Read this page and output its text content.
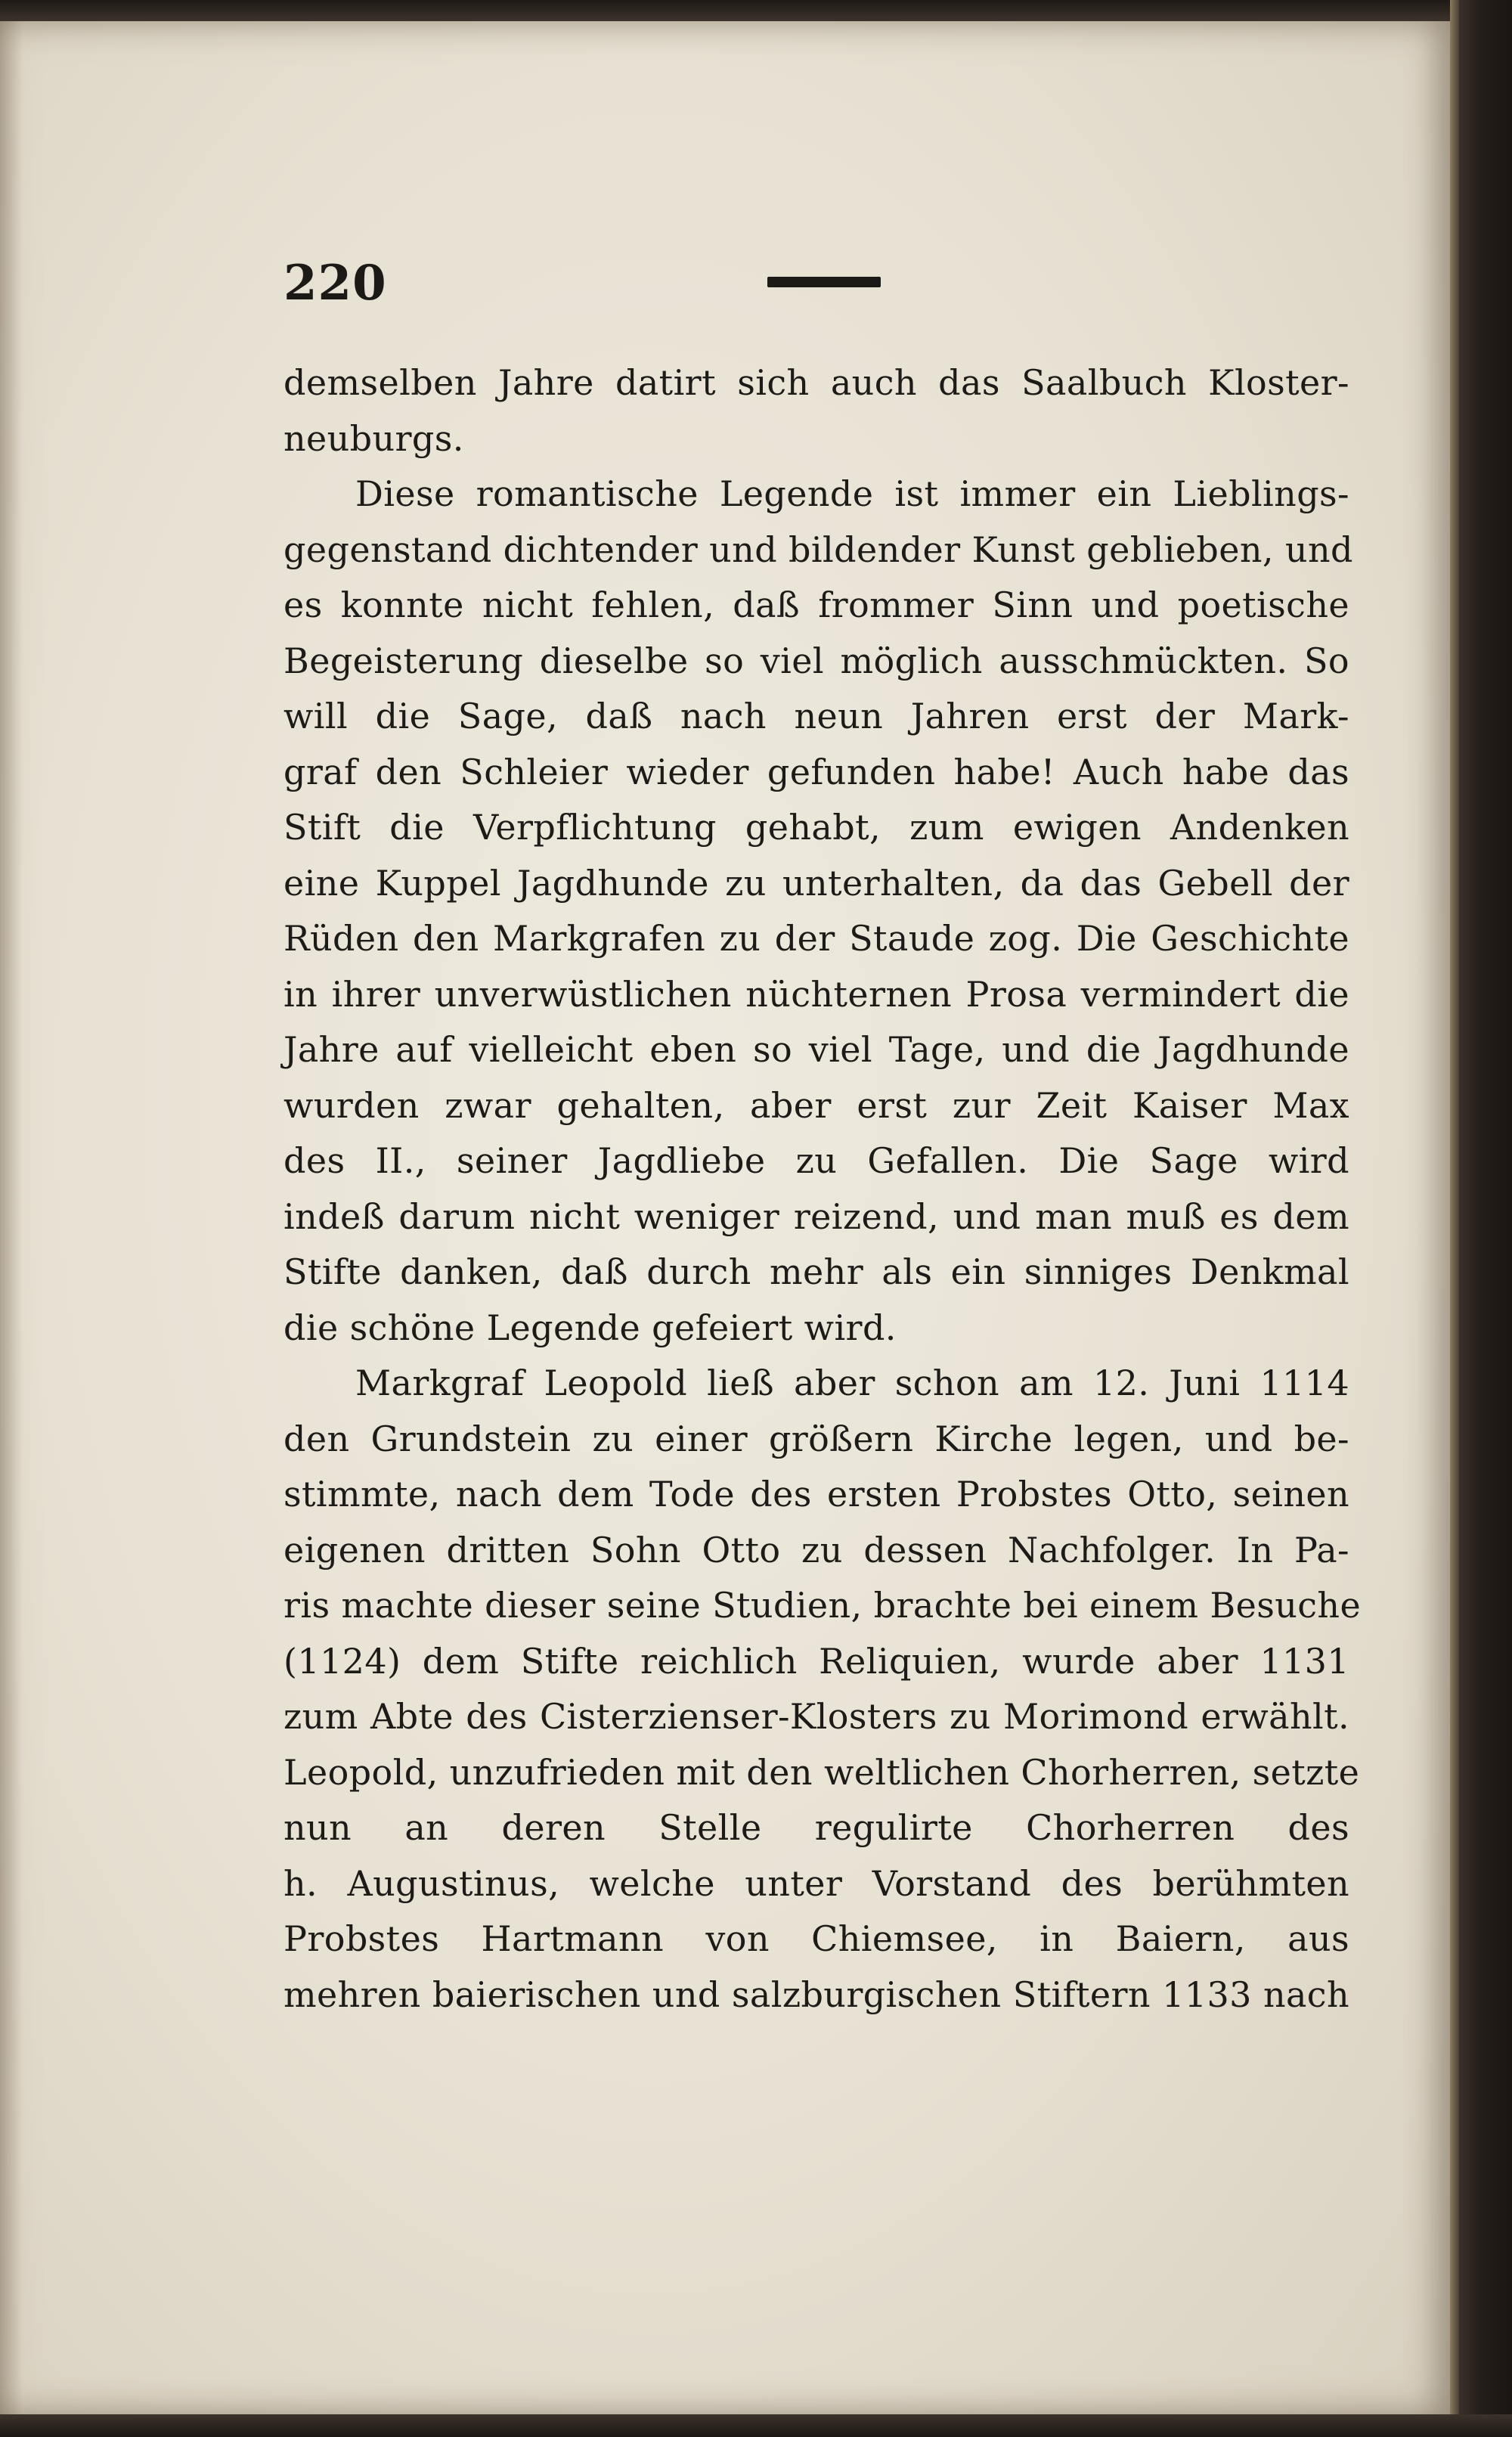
220
demselben Jahre datirt sich auch das Saalbuch Kloster-
neuburgs.
Diese romantische Legende ist immer ein Lieblings-
gegenstand dichtender und bildender Kunst geblieben, und
es konnte nicht fehlen, daß frommer Sinn und poetische
Begeisterung dieselbe so viel möglich ausschmückten. So
will die Sage, daß nach neun Jahren erst der Mark-
graf den Schleier wieder gefunden habe! Auch habe das
Stift die Verpflichtung gehabt, zum ewigen Andenken
eine Kuppel Jagdhunde zu unterhalten, da das Gebell der
Rüden den Markgrafen zu der Staude zog. Die Geschichte
in ihrer unverwüstlichen nüchternen Prosa vermindert die
Jahre auf vielleicht eben so viel Tage, und die Jagdhunde
wurden zwar gehalten, aber erst zur Zeit Kaiser Max
des II., seiner Jagdliebe zu Gefallen. Die Sage wird
indeß darum nicht weniger reizend, und man muß es dem
Stifte danken, daß durch mehr als ein sinniges Denkmal
die schöne Legende gefeiert wird.
Markgraf Leopold ließ aber schon am 12. Juni 1114
den Grundstein zu einer größern Kirche legen, und be-
stimmte, nach dem Tode des ersten Probstes Otto, seinen
eigenen dritten Sohn Otto zu dessen Nachfolger. In Pa-
ris machte dieser seine Studien, brachte bei einem Besuche
(1124) dem Stifte reichlich Reliquien, wurde aber 1131
zum Abte des Cisterzienser-Klosters zu Morimond erwählt.
Leopold, unzufrieden mit den weltlichen Chorherren, setzte
nun an deren Stelle regulirte Chorherren des
h. Augustinus, welche unter Vorstand des berühmten
Probstes Hartmann von Chiemsee, in Baiern, aus
mehren baierischen und salzburgischen Stiftern 1133 nach
